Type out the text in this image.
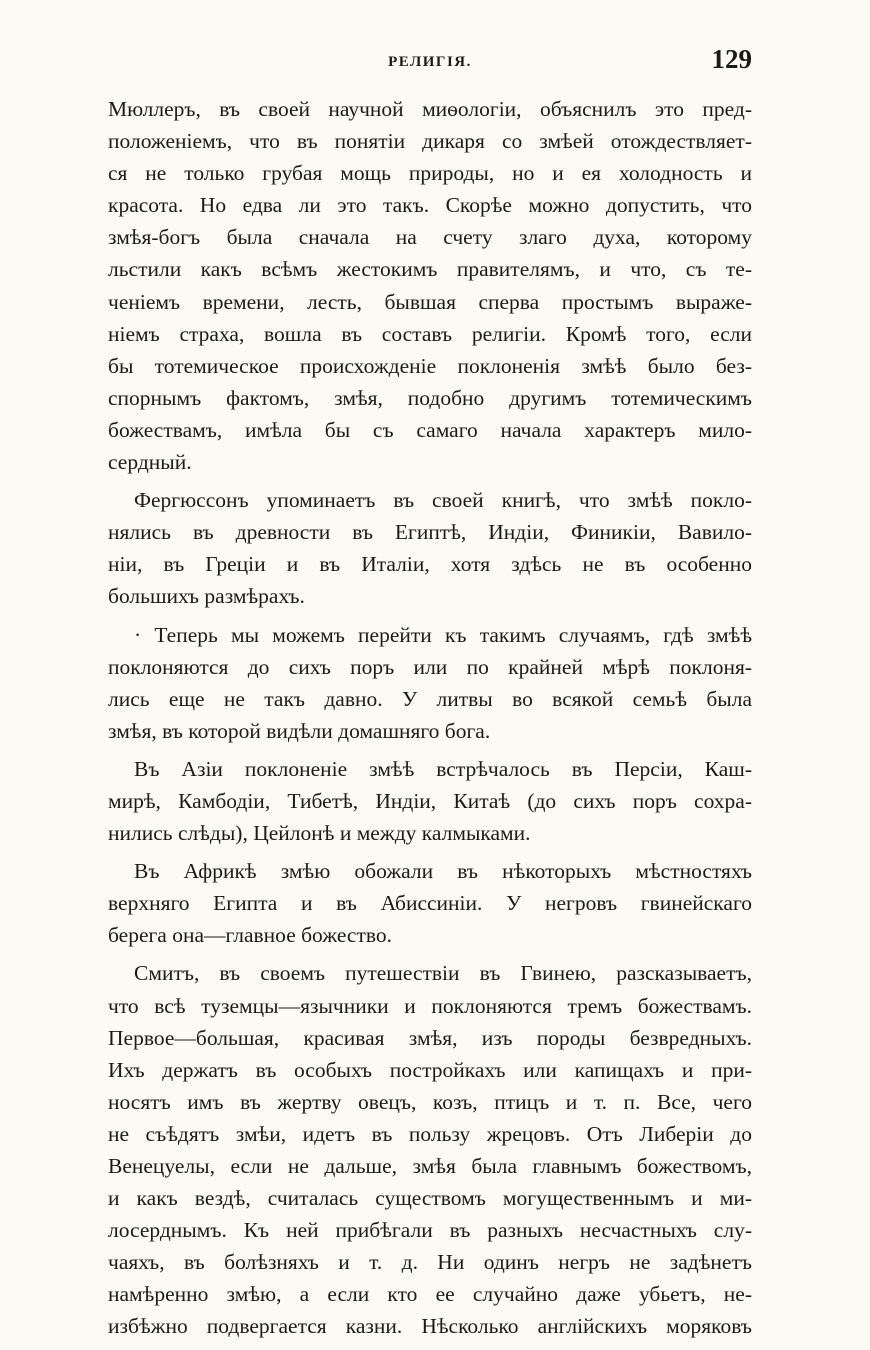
РЕЛИГІЯ.	129
Мюллеръ, въ своей научной миѳологіи, объяснилъ это пред-
положеніемъ, что въ понятіи дикаря со змѣей отождествляет-
ся не только грубая мощь природы, но и ея холодность и
красота. Но едва ли это такъ. Скорѣе можно допустить, что
змѣя-богъ была сначала на счету злаго духа, которому
льстили какъ всѣмъ жестокимъ правителямъ, и что, съ те-
ченіемъ времени, лесть, бывшая сперва простымъ выраже-
ніемъ страха, вошла въ составъ религіи. Кромѣ того, если
бы тотемическое происхожденіе поклоненія змѣѣ было без-
спорнымъ фактомъ, змѣя, подобно другимъ тотемическимъ
божествамъ, имѣла бы съ самаго начала характеръ мило-
сердный.
Фергюссонъ упоминаетъ въ своей книгѣ, что змѣѣ покло-
нялись въ древности въ Египтѣ, Индіи, Финикіи, Вавило-
ніи, въ Греціи и въ Италіи, хотя здѣсь не въ особенно
большихъ размѣрахъ.
· Теперь мы можемъ перейти къ такимъ случаямъ, гдѣ змѣѣ
поклоняются до сихъ поръ или по крайней мѣрѣ поклоня-
лись еще не такъ давно. У литвы во всякой семьѣ была
змѣя, въ которой видѣли домашняго бога.
Въ Азіи поклоненіе змѣѣ встрѣчалось въ Персіи, Каш-
мирѣ, Камбодіи, Тибетѣ, Индіи, Китаѣ (до сихъ поръ сохра-
нились слѣды), Цейлонѣ и между калмыками.
Въ Африкѣ змѣю обожали въ нѣкоторыхъ мѣстностяхъ
верхняго Египта и въ Абиссиніи. У негровъ гвинейскаго
берега она—главное божество.
Смитъ, въ своемъ путешествіи въ Гвинею, разсказываетъ,
что всѣ туземцы—язычники и поклоняются тремъ божествамъ.
Первое—большая, красивая змѣя, изъ породы безвредныхъ.
Ихъ держатъ въ особыхъ постройкахъ или капищахъ и при-
носятъ имъ въ жертву овецъ, козъ, птицъ и т. п. Все, чего
не съѣдятъ змѣи, идетъ въ пользу жрецовъ. Отъ Либеріи до
Венецуелы, если не дальше, змѣя была главнымъ божествомъ,
и какъ вездѣ, считалась существомъ могущественнымъ и ми-
лосерднымъ. Къ ней прибѣгали въ разныхъ несчастныхъ слу-
чаяхъ, въ болѣзняхъ и т. д. Ни одинъ негръ не задѣнетъ
намѣренно змѣю, а если кто ее случайно даже убьетъ, не-
избѣжно подвергается казни. Нѣсколько англійскихъ моряковъ
